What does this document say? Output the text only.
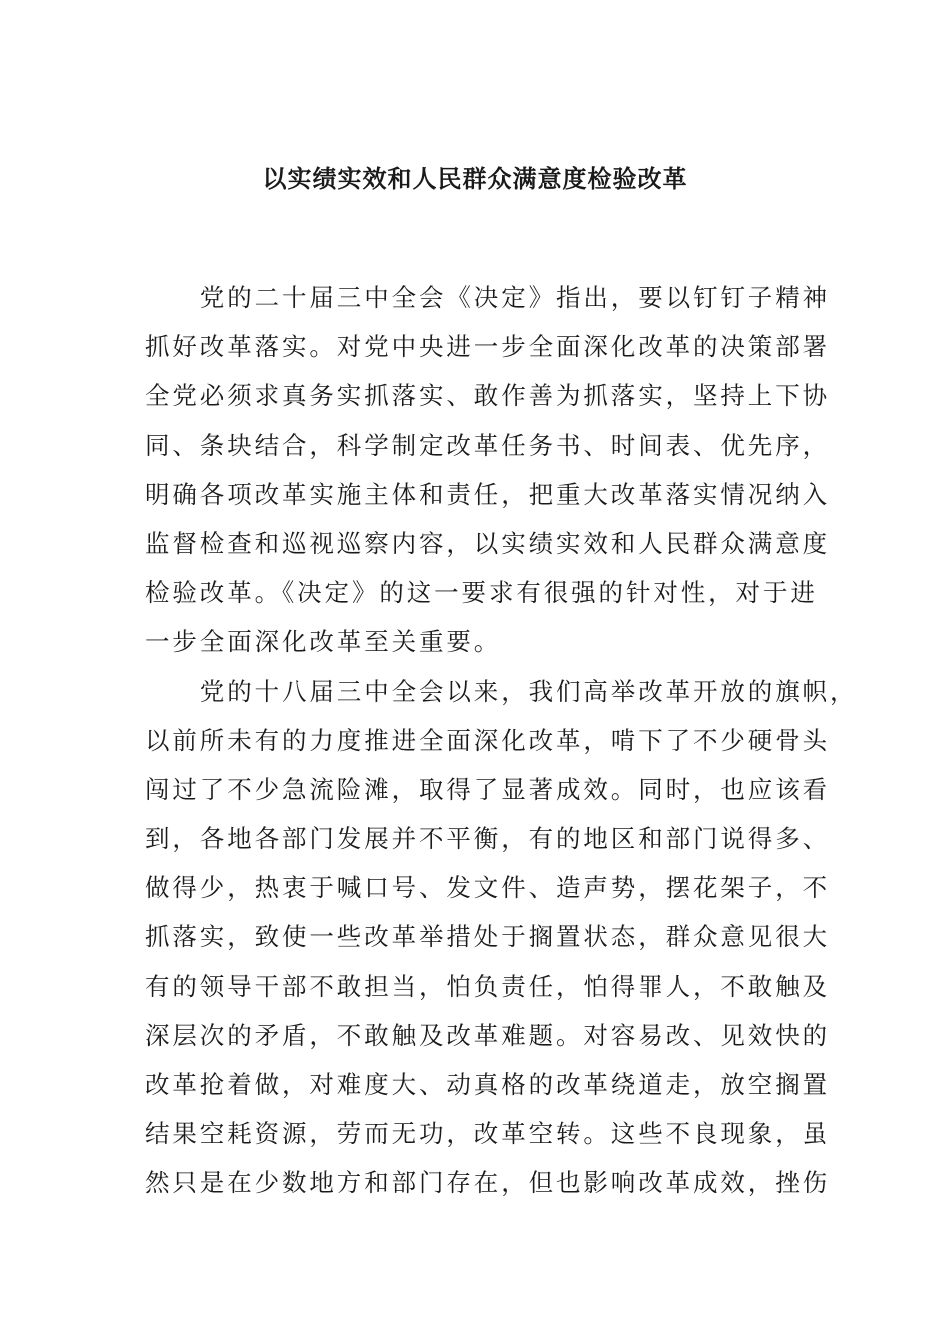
以实绩实效和人民群众满意度检验改革
　　党的二十届三中全会《决定》指出，要以钉钉子精神
抓好改革落实。对党中央进一步全面深化改革的决策部署
全党必须求真务实抓落实、敢作善为抓落实，坚持上下协
同、条块结合，科学制定改革任务书、时间表、优先序，
明确各项改革实施主体和责任，把重大改革落实情况纳入
监督检查和巡视巡察内容，以实绩实效和人民群众满意度
检验改革。《决定》的这一要求有很强的针对性，对于进
一步全面深化改革至关重要。
　　党的十八届三中全会以来，我们高举改革开放的旗帜，
以前所未有的力度推进全面深化改革，啃下了不少硬骨头
闯过了不少急流险滩，取得了显著成效。同时，也应该看
到，各地各部门发展并不平衡，有的地区和部门说得多、
做得少，热衷于喊口号、发文件、造声势，摆花架子，不
抓落实，致使一些改革举措处于搁置状态，群众意见很大
有的领导干部不敢担当，怕负责任，怕得罪人，不敢触及
深层次的矛盾，不敢触及改革难题。对容易改、见效快的
改革抢着做，对难度大、动真格的改革绕道走，放空搁置
结果空耗资源，劳而无功，改革空转。这些不良现象，虽
然只是在少数地方和部门存在，但也影响改革成效，挫伤
